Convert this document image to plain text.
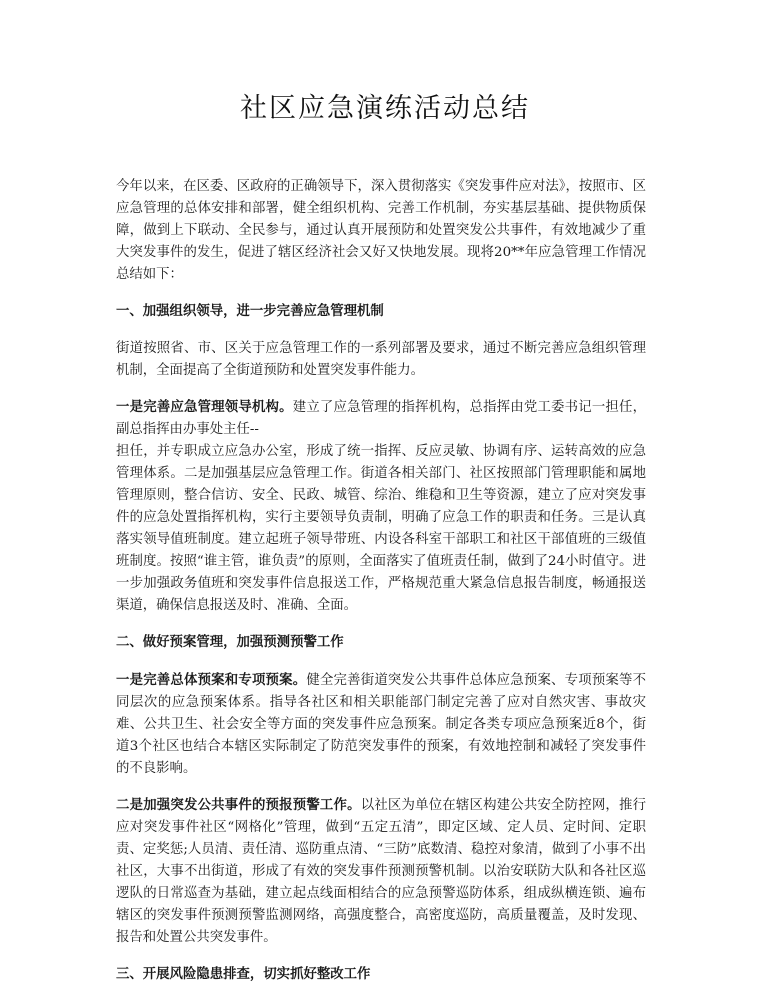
社区应急演练活动总结

今年以来，在区委、区政府的正确领导下，深入贯彻落实《突发事件应对法》，按照市、区应急管理的总体安排和部署，健全组织机构、完善工作机制，夯实基层基础、提供物质保障，做到上下联动、全民参与，通过认真开展预防和处置突发公共事件，有效地减少了重大突发事件的发生，促进了辖区经济社会又好又快地发展。现将20**年应急管理工作情况总结如下：

一、加强组织领导，进一步完善应急管理机制

街道按照省、市、区关于应急管理工作的一系列部署及要求，通过不断完善应急组织管理机制，全面提高了全街道预防和处置突发事件能力。

一是完善应急管理领导机构。建立了应急管理的指挥机构，总指挥由党工委书记一担任，副总指挥由办事处主任--

担任，并专职成立应急办公室，形成了统一指挥、反应灵敏、协调有序、运转高效的应急管理体系。二是加强基层应急管理工作。街道各相关部门、社区按照部门管理职能和属地管理原则，整合信访、安全、民政、城管、综治、维稳和卫生等资源，建立了应对突发事件的应急处置指挥机构，实行主要领导负责制，明确了应急工作的职责和任务。三是认真落实领导值班制度。建立起班子领导带班、内设各科室干部职工和社区干部值班的三级值班制度。按照“谁主管，谁负责”的原则，全面落实了值班责任制，做到了24小时值守。进一步加强政务值班和突发事件信息报送工作，严格规范重大紧急信息报告制度，畅通报送渠道，确保信息报送及时、准确、全面。

二、做好预案管理，加强预测预警工作

一是完善总体预案和专项预案。健全完善街道突发公共事件总体应急预案、专项预案等不同层次的应急预案体系。指导各社区和相关职能部门制定完善了应对自然灾害、事故灾难、公共卫生、社会安全等方面的突发事件应急预案。制定各类专项应急预案近8个，街道3个社区也结合本辖区实际制定了防范突发事件的预案，有效地控制和减轻了突发事件的不良影响。

二是加强突发公共事件的预报预警工作。以社区为单位在辖区构建公共安全防控网，推行应对突发事件社区“网格化”管理，做到“五定五清”，即定区域、定人员、定时间、定职责、定奖惩;人员清、责任清、巡防重点清、“三防”底数清、稳控对象清，做到了小事不出社区，大事不出街道，形成了有效的突发事件预测预警机制。以治安联防大队和各社区巡逻队的日常巡查为基础，建立起点线面相结合的应急预警巡防体系，组成纵横连锁、遍布辖区的突发事件预测预警监测网络，高强度整合，高密度巡防，高质量覆盖，及时发现、报告和处置公共突发事件。

三、开展风险隐患排查，切实抓好整改工作
